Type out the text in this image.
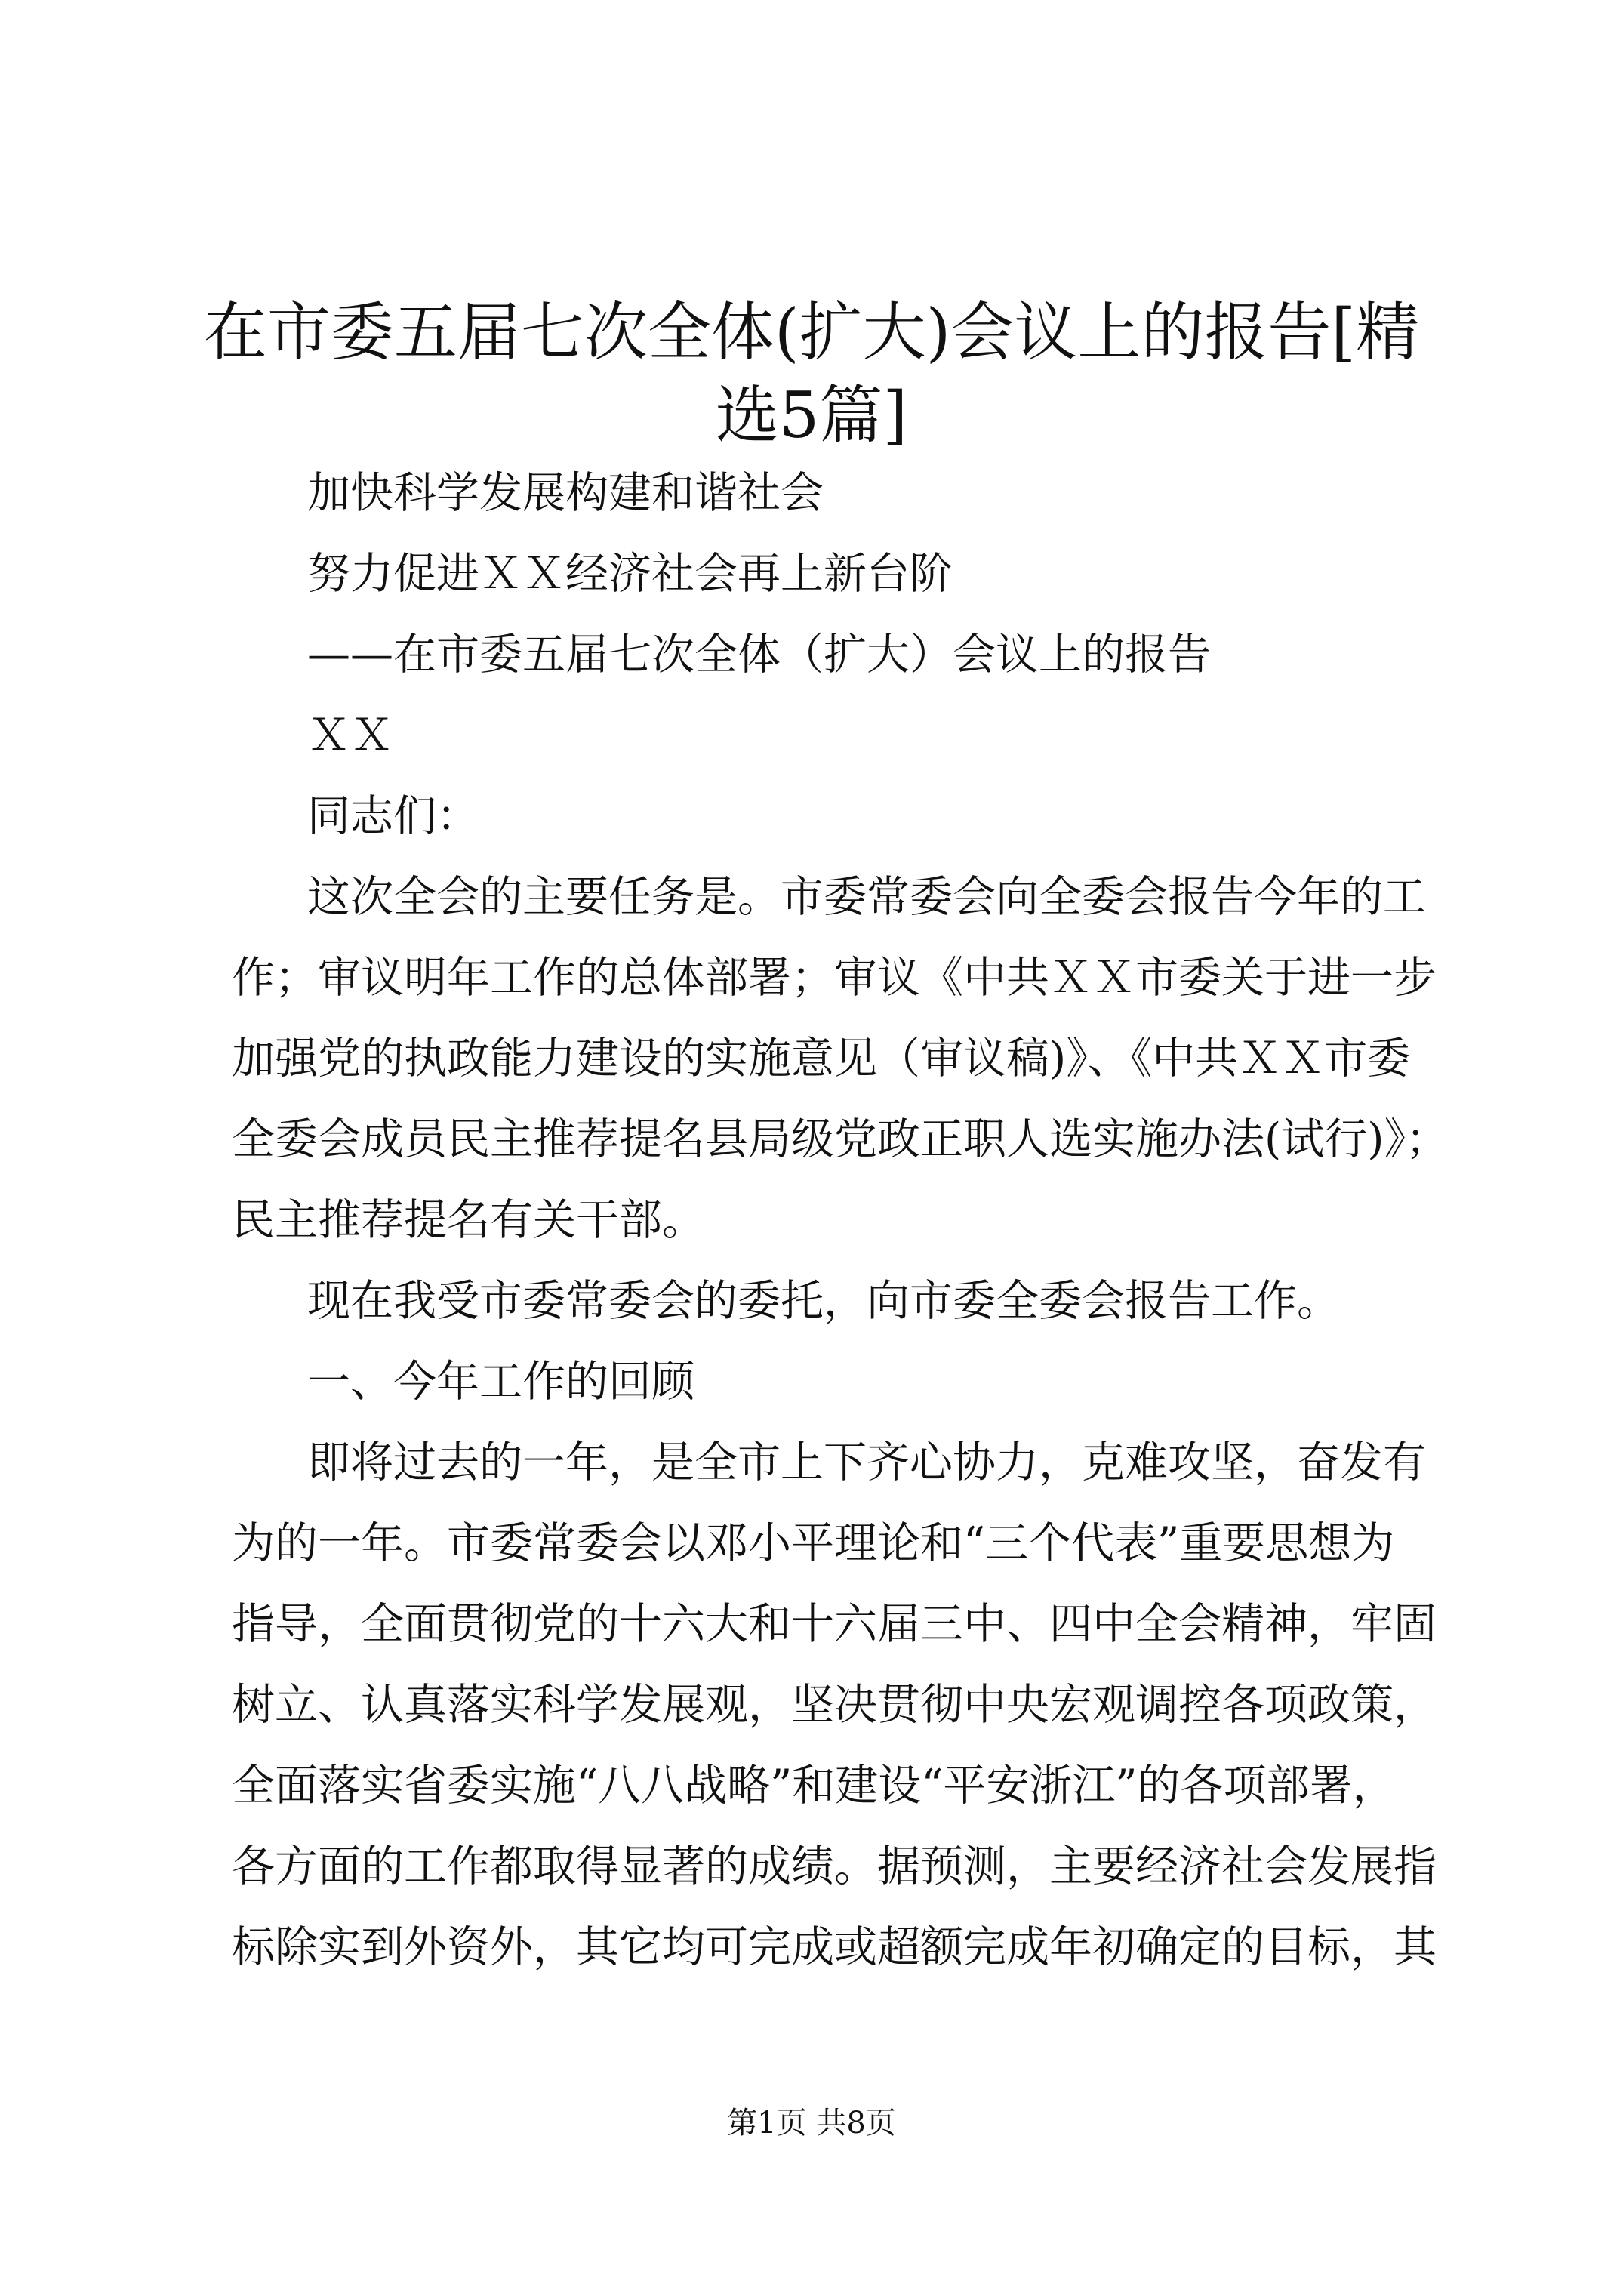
在市委五届七次全体(扩大)会议上的报告[精选5篇]
加快科学发展构建和谐社会
努力促进ＸＸ经济社会再上新台阶
——在市委五届七次全体（扩大）会议上的报告
ＸＸ
同志们：
这次全会的主要任务是。市委常委会向全委会报告今年的工
作；审议明年工作的总体部署；审议《中共ＸＸ市委关于进一步
加强党的执政能力建设的实施意见（审议稿)》、《中共ＸＸ市委
全委会成员民主推荐提名县局级党政正职人选实施办法(试行)》；
民主推荐提名有关干部。
现在我受市委常委会的委托，向市委全委会报告工作。
一、今年工作的回顾
即将过去的一年，是全市上下齐心协力，克难攻坚，奋发有
为的一年。市委常委会以邓小平理论和“三个代表”重要思想为
指导，全面贯彻党的十六大和十六届三中、四中全会精神，牢固
树立、认真落实科学发展观，坚决贯彻中央宏观调控各项政策，
全面落实省委实施“八八战略”和建设“平安浙江”的各项部署，
各方面的工作都取得显著的成绩。据预测，主要经济社会发展指
标除实到外资外，其它均可完成或超额完成年初确定的目标，其
第1页 共8页
